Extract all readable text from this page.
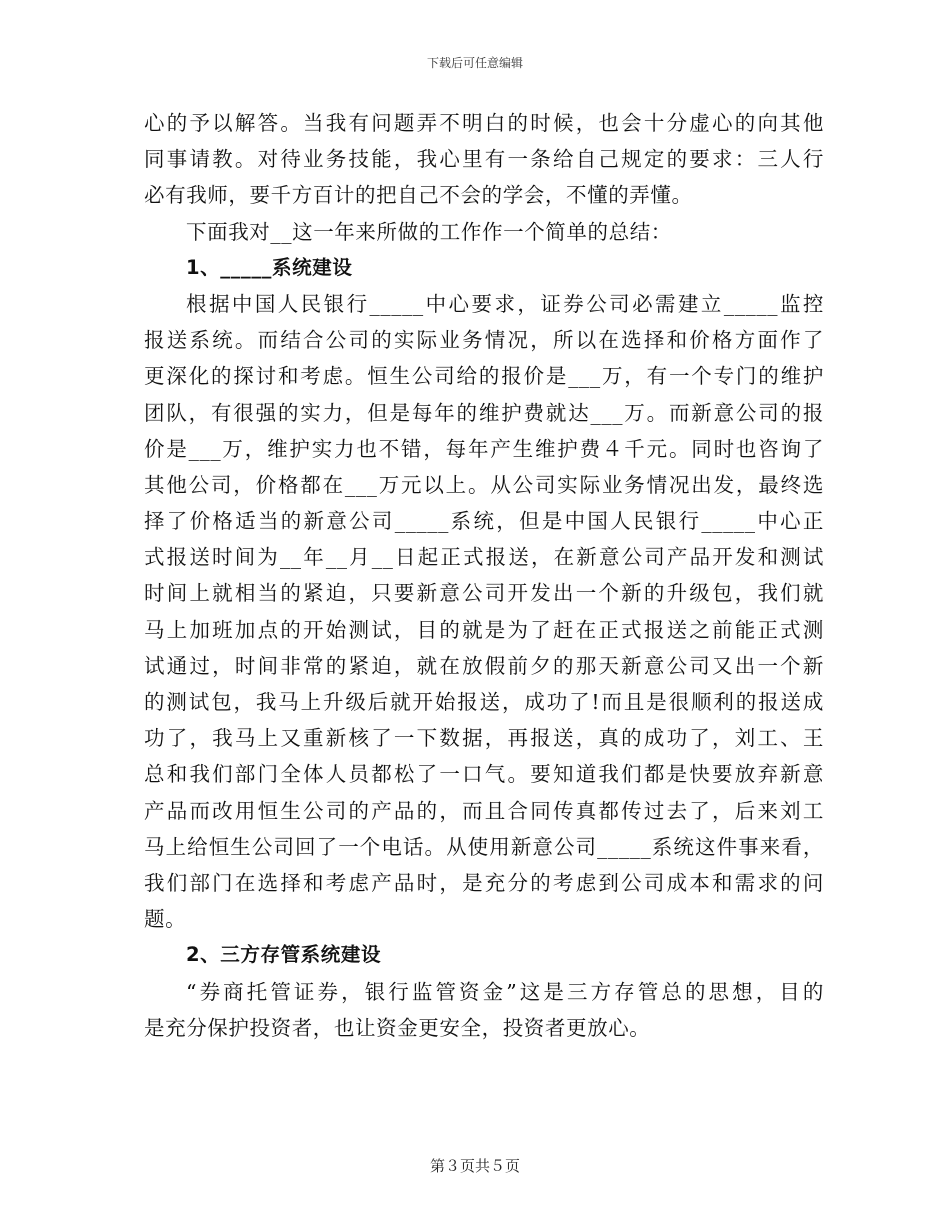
下载后可任意编辑
心的予以解答。当我有问题弄不明白的时候，也会十分虚心的向其他
同事请教。对待业务技能，我心里有一条给自己规定的要求：三人行
必有我师，要千方百计的把自己不会的学会，不懂的弄懂。
下面我对__这一年来所做的工作作一个简单的总结：
1、_____系统建设
根据中国人民银行_____中心要求，证券公司必需建立_____监控
报送系统。而结合公司的实际业务情况，所以在选择和价格方面作了
更深化的探讨和考虑。恒生公司给的报价是___万，有一个专门的维护
团队，有很强的实力，但是每年的维护费就达___万。而新意公司的报
价是___万，维护实力也不错，每年产生维护费４千元。同时也咨询了
其他公司，价格都在___万元以上。从公司实际业务情况出发，最终选
择了价格适当的新意公司_____系统，但是中国人民银行_____中心正
式报送时间为__年__月__日起正式报送，在新意公司产品开发和测试
时间上就相当的紧迫，只要新意公司开发出一个新的升级包，我们就
马上加班加点的开始测试，目的就是为了赶在正式报送之前能正式测
试通过，时间非常的紧迫，就在放假前夕的那天新意公司又出一个新
的测试包，我马上升级后就开始报送，成功了!而且是很顺利的报送成
功了，我马上又重新核了一下数据，再报送，真的成功了，刘工、王
总和我们部门全体人员都松了一口气。要知道我们都是快要放弃新意
产品而改用恒生公司的产品的，而且合同传真都传过去了，后来刘工
马上给恒生公司回了一个电话。从使用新意公司_____系统这件事来看，
我们部门在选择和考虑产品时，是充分的考虑到公司成本和需求的问
题。
2、三方存管系统建设
“券商托管证券，银行监管资金”这是三方存管总的思想，目的
是充分保护投资者，也让资金更安全，投资者更放心。
第３页共５页
